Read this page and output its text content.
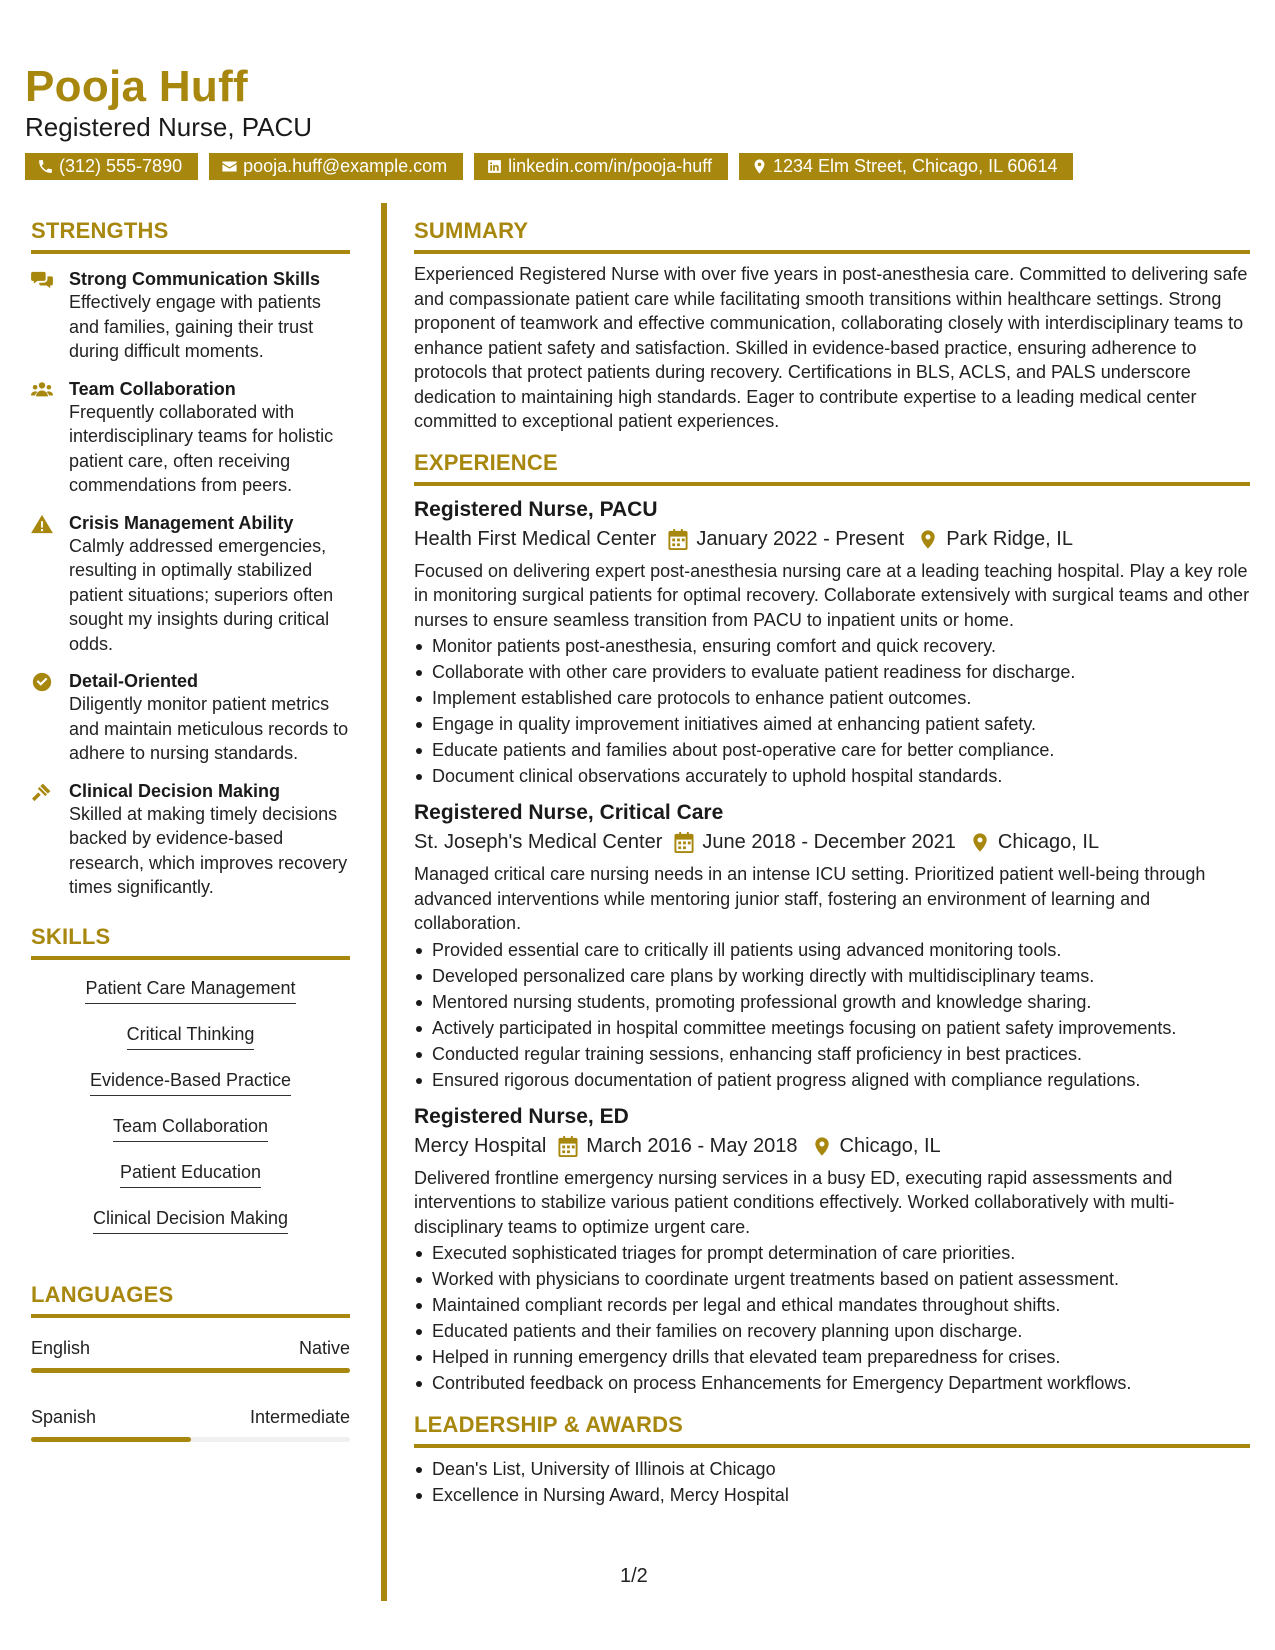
Pooja Huff
Registered Nurse, PACU
(312) 555-7890	pooja.huff@example.com	linkedin.com/in/pooja-huff	1234 Elm Street, Chicago, IL 60614
STRENGTHS
Strong Communication Skills
Effectively engage with patients and families, gaining their trust during difficult moments.
Team Collaboration
Frequently collaborated with interdisciplinary teams for holistic patient care, often receiving commendations from peers.
Crisis Management Ability
Calmly addressed emergencies, resulting in optimally stabilized patient situations; superiors often sought my insights during critical odds.
Detail-Oriented
Diligently monitor patient metrics and maintain meticulous records to adhere to nursing standards.
Clinical Decision Making
Skilled at making timely decisions backed by evidence-based research, which improves recovery times significantly.
SKILLS
Patient Care Management
Critical Thinking
Evidence-Based Practice
Team Collaboration
Patient Education
Clinical Decision Making
LANGUAGES
English	Native
Spanish	Intermediate
SUMMARY
Experienced Registered Nurse with over five years in post-anesthesia care. Committed to delivering safe and compassionate patient care while facilitating smooth transitions within healthcare settings. Strong proponent of teamwork and effective communication, collaborating closely with interdisciplinary teams to enhance patient safety and satisfaction. Skilled in evidence-based practice, ensuring adherence to protocols that protect patients during recovery. Certifications in BLS, ACLS, and PALS underscore dedication to maintaining high standards. Eager to contribute expertise to a leading medical center committed to exceptional patient experiences.
EXPERIENCE
Registered Nurse, PACU
Health First Medical Center January 2022 - Present Park Ridge, IL
Focused on delivering expert post-anesthesia nursing care at a leading teaching hospital. Play a key role in monitoring surgical patients for optimal recovery. Collaborate extensively with surgical teams and other nurses to ensure seamless transition from PACU to inpatient units or home.
Monitor patients post-anesthesia, ensuring comfort and quick recovery.
Collaborate with other care providers to evaluate patient readiness for discharge.
Implement established care protocols to enhance patient outcomes.
Engage in quality improvement initiatives aimed at enhancing patient safety.
Educate patients and families about post-operative care for better compliance.
Document clinical observations accurately to uphold hospital standards.
Registered Nurse, Critical Care
St. Joseph's Medical Center June 2018 - December 2021 Chicago, IL
Managed critical care nursing needs in an intense ICU setting. Prioritized patient well-being through advanced interventions while mentoring junior staff, fostering an environment of learning and collaboration.
Provided essential care to critically ill patients using advanced monitoring tools.
Developed personalized care plans by working directly with multidisciplinary teams.
Mentored nursing students, promoting professional growth and knowledge sharing.
Actively participated in hospital committee meetings focusing on patient safety improvements.
Conducted regular training sessions, enhancing staff proficiency in best practices.
Ensured rigorous documentation of patient progress aligned with compliance regulations.
Registered Nurse, ED
Mercy Hospital March 2016 - May 2018 Chicago, IL
Delivered frontline emergency nursing services in a busy ED, executing rapid assessments and interventions to stabilize various patient conditions effectively. Worked collaboratively with multi-disciplinary teams to optimize urgent care.
Executed sophisticated triages for prompt determination of care priorities.
Worked with physicians to coordinate urgent treatments based on patient assessment.
Maintained compliant records per legal and ethical mandates throughout shifts.
Educated patients and their families on recovery planning upon discharge.
Helped in running emergency drills that elevated team preparedness for crises.
Contributed feedback on process Enhancements for Emergency Department workflows.
LEADERSHIP & AWARDS
Dean's List, University of Illinois at Chicago
Excellence in Nursing Award, Mercy Hospital
1/2
